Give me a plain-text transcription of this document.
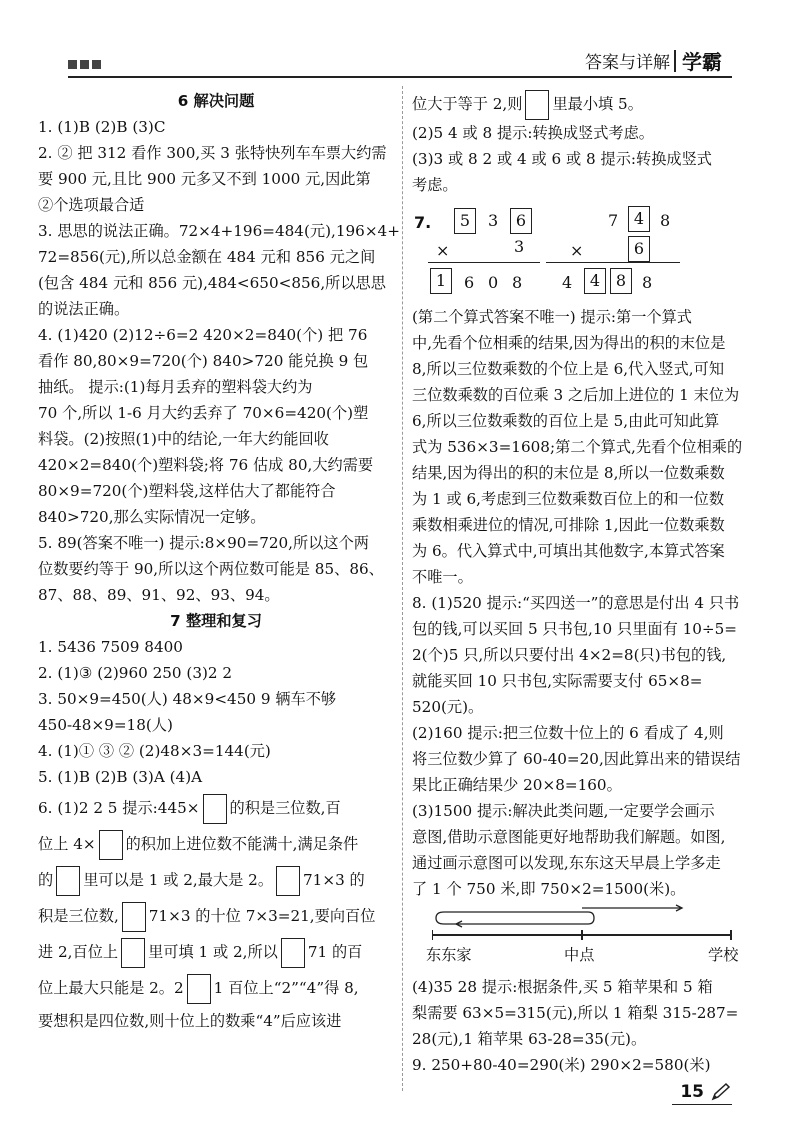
答案与详解 学霸

6 解决问题

1. (1)B (2)B (3)C

2. ② 把 312 看作 300,买 3 张特快列车车票大约需

要 900 元,且比 900 元多又不到 1000 元,因此第

②个选项最合适

3. 思思的说法正确。72×4+196=484(元),196×4+

72=856(元),所以总金额在 484 元和 856 元之间

(包含 484 元和 856 元),484<650<856,所以思思

的说法正确。

4. (1)420 (2)12÷6=2 420×2=840(个) 把 76

看作 80,80×9=720(个) 840>720 能兑换 9 包

抽纸。 提示:(1)每月丢弃的塑料袋大约为

70 个,所以 1-6 月大约丢弃了 70×6=420(个)塑

料袋。(2)按照(1)中的结论,一年大约能回收

420×2=840(个)塑料袋;将 76 估成 80,大约需要

80×9=720(个)塑料袋,这样估大了都能符合

840>720,那么实际情况一定够。

5. 89(答案不唯一) 提示:8×90=720,所以这个两

位数要约等于 90,所以这个两位数可能是 85、86、

87、88、89、91、92、93、94。

7 整理和复习

1. 5436 7509 8400

2. (1)③ (2)960 250 (3)2 2

3. 50×9=450(人) 48×9<450 9 辆车不够

450-48×9=18(人)

4. (1)① ③ ② (2)48×3=144(元)

5. (1)B (2)B (3)A (4)A

6. (1)2 2 5 提示:445× 的积是三位数,百

位上 4× 的积加上进位数不能满十,满足条件

的 里可以是 1 或 2,最大是 2。 71×3 的

积是三位数, 71×3 的十位 7×3=21,要向百位

进 2,百位上 里可填 1 或 2,所以 71 的百

位上最大只能是 2。2 1 百位上“2”“4”得 8,

要想积是四位数,则十位上的数乘“4”后应该进

位大于等于 2,则 里最小填 5。

(2)5 4 或 8 提示:转换成竖式考虑。

(3)3 或 8 2 或 4 或 6 或 8 提示:转换成竖式

考虑。

7.	5	3	6
×	3
1	6 0 8
7 4 8
×	6
4	4 8 8

(第二个算式答案不唯一) 提示:第一个算式

中,先看个位相乘的结果,因为得出的积的末位是

8,所以三位数乘数的个位上是 6,代入竖式,可知

三位数乘数的百位乘 3 之后加上进位的 1 末位为

6,所以三位数乘数的百位上是 5,由此可知此算

式为 536×3=1608;第二个算式,先看个位相乘的

结果,因为得出的积的末位是 8,所以一位数乘数

为 1 或 6,考虑到三位数乘数百位上的和一位数

乘数相乘进位的情况,可排除 1,因此一位数乘数

为 6。代入算式中,可填出其他数字,本算式答案

不唯一。

8. (1)520 提示:“买四送一”的意思是付出 4 只书

包的钱,可以买回 5 只书包,10 只里面有 10÷5=

2(个)5 只,所以只要付出 4×2=8(只)书包的钱,

就能买回 10 只书包,实际需要支付 65×8=

520(元)。

(2)160 提示:把三位数十位上的 6 看成了 4,则

将三位数少算了 60-40=20,因此算出来的错误结

果比正确结果少 20×8=160。

(3)1500 提示:解决此类问题,一定要学会画示

意图,借助示意图能更好地帮助我们解题。如图,

通过画示意图可以发现,东东这天早晨上学多走

了 1 个 750 米,即 750×2=1500(米)。

东东家	中点	学校

(4)35 28 提示:根据条件,买 5 箱苹果和 5 箱

梨需要 63×5=315(元),所以 1 箱梨 315-287=

28(元),1 箱苹果 63-28=35(元)。

9. 250+80-40=290(米) 290×2=580(米)

15
